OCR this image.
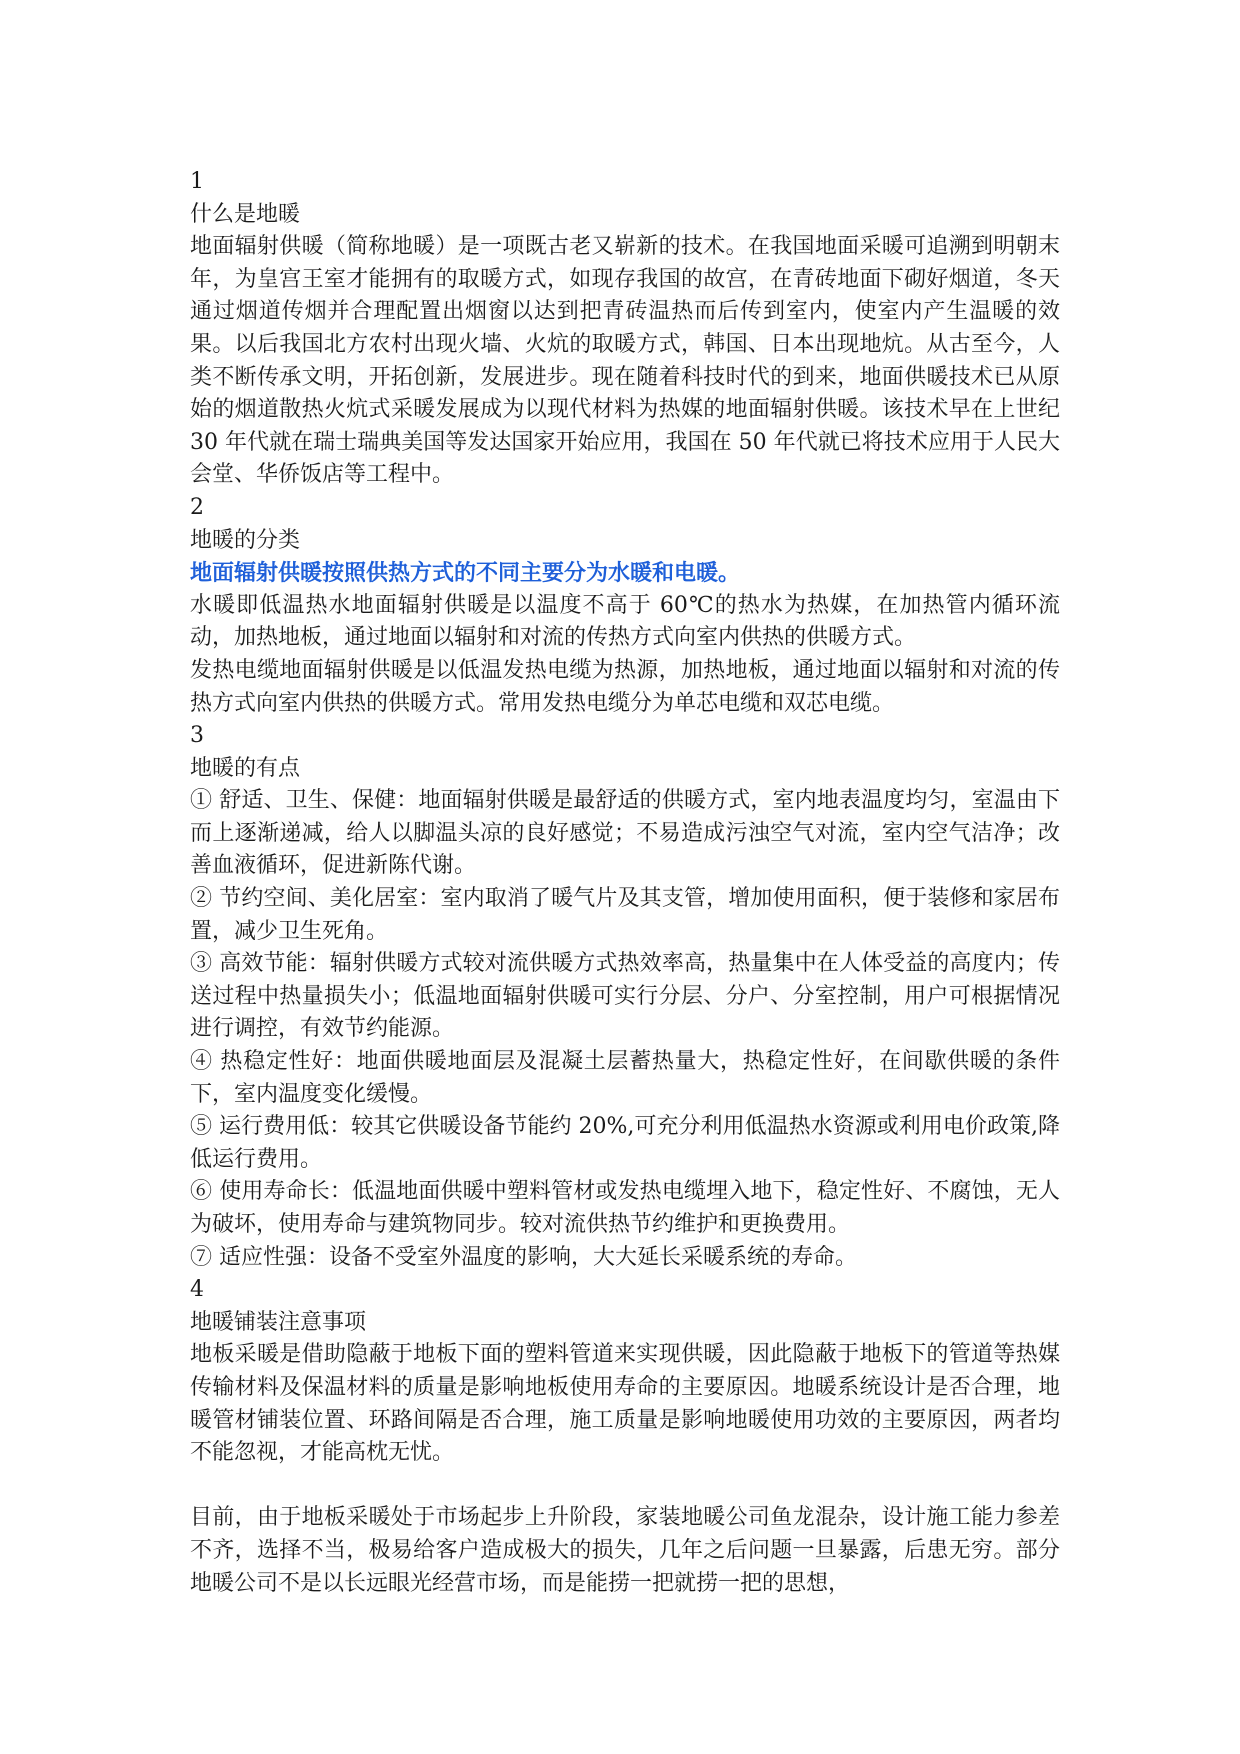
1

什么是地暖

地面辐射供暖（简称地暖）是一项既古老又崭新的技术。在我国地面采暖可追溯到明朝末年，为皇宫王室才能拥有的取暖方式，如现存我国的故宫，在青砖地面下砌好烟道，冬天通过烟道传烟并合理配置出烟窗以达到把青砖温热而后传到室内，使室内产生温暖的效果。以后我国北方农村出现火墙、火炕的取暖方式，韩国、日本出现地炕。从古至今，人类不断传承文明，开拓创新，发展进步。现在随着科技时代的到来，地面供暖技术已从原始的烟道散热火炕式采暖发展成为以现代材料为热媒的地面辐射供暖。该技术早在上世纪 30 年代就在瑞士瑞典美国等发达国家开始应用，我国在 50 年代就已将技术应用于人民大会堂、华侨饭店等工程中。

2

地暖的分类

地面辐射供暖按照供热方式的不同主要分为水暖和电暖。

水暖即低温热水地面辐射供暖是以温度不高于 60℃的热水为热媒，在加热管内循环流动，加热地板，通过地面以辐射和对流的传热方式向室内供热的供暖方式。

发热电缆地面辐射供暖是以低温发热电缆为热源，加热地板，通过地面以辐射和对流的传热方式向室内供热的供暖方式。常用发热电缆分为单芯电缆和双芯电缆。

3

地暖的有点

① 舒适、卫生、保健：地面辐射供暖是最舒适的供暖方式，室内地表温度均匀，室温由下而上逐渐递减，给人以脚温头凉的良好感觉；不易造成污浊空气对流，室内空气洁净；改善血液循环，促进新陈代谢。

② 节约空间、美化居室：室内取消了暖气片及其支管，增加使用面积，便于装修和家居布置，减少卫生死角。

③ 高效节能：辐射供暖方式较对流供暖方式热效率高，热量集中在人体受益的高度内；传送过程中热量损失小；低温地面辐射供暖可实行分层、分户、分室控制，用户可根据情况进行调控，有效节约能源。

④ 热稳定性好：地面供暖地面层及混凝土层蓄热量大，热稳定性好，在间歇供暖的条件下，室内温度变化缓慢。

⑤ 运行费用低：较其它供暖设备节能约 20%,可充分利用低温热水资源或利用电价政策,降低运行费用。

⑥ 使用寿命长：低温地面供暖中塑料管材或发热电缆埋入地下，稳定性好、不腐蚀，无人为破坏，使用寿命与建筑物同步。较对流供热节约维护和更换费用。

⑦ 适应性强：设备不受室外温度的影响，大大延长采暖系统的寿命。

4

地暖铺装注意事项

地板采暖是借助隐蔽于地板下面的塑料管道来实现供暖，因此隐蔽于地板下的管道等热媒传输材料及保温材料的质量是影响地板使用寿命的主要原因。地暖系统设计是否合理，地暖管材铺装位置、环路间隔是否合理，施工质量是影响地暖使用功效的主要原因，两者均不能忽视，才能高枕无忧。

目前，由于地板采暖处于市场起步上升阶段，家装地暖公司鱼龙混杂，设计施工能力参差不齐，选择不当，极易给客户造成极大的损失，几年之后问题一旦暴露，后患无穷。部分地暖公司不是以长远眼光经营市场，而是能捞一把就捞一把的思想，
